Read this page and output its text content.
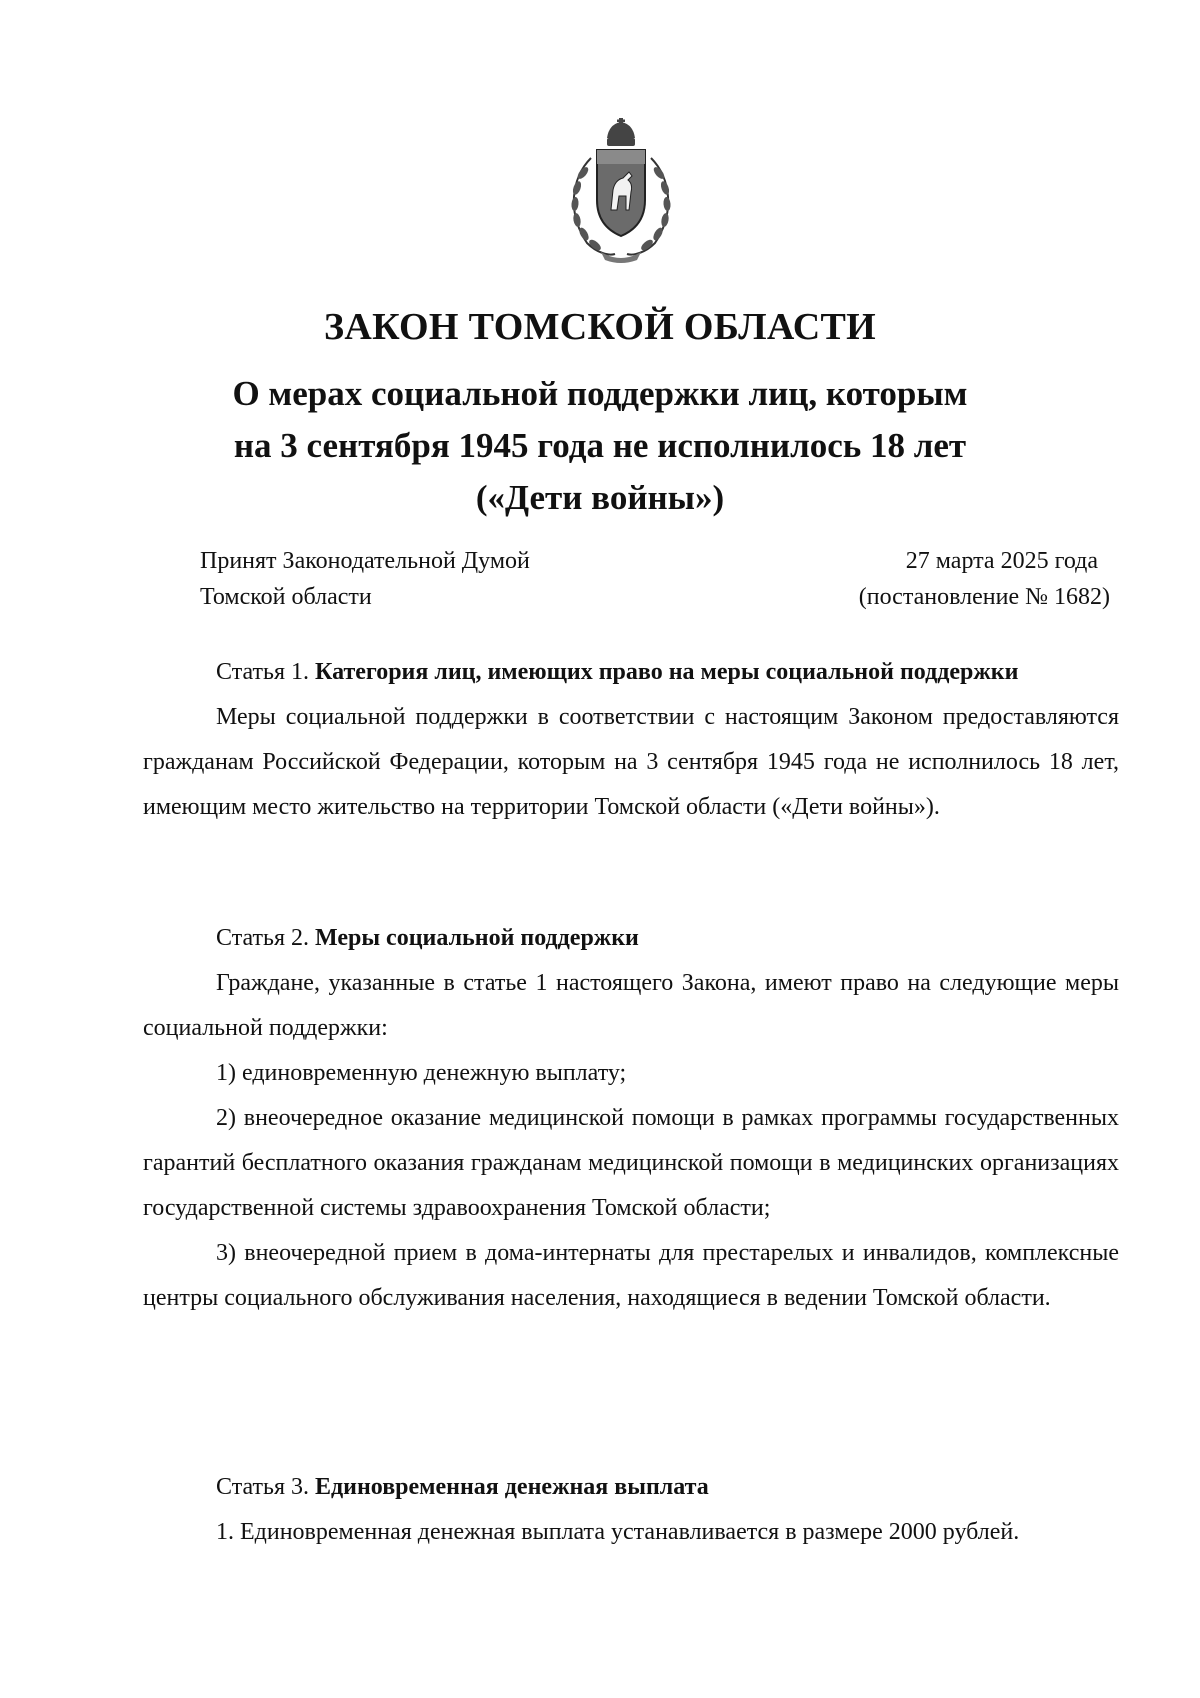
ЗАКОН ТОМСКОЙ ОБЛАСТИ
О мерах социальной поддержки лиц, которым
на 3 сентября 1945 года не исполнилось 18 лет
(«Дети войны»)
Принят Законодательной Думой
Томской области
27 марта 2025 года
(постановление № 1682)

Статья 1. Категория лиц, имеющих право на меры социальной поддержки

Меры социальной поддержки в соответствии с настоящим Законом предоставляются гражданам Российской Федерации, которым на 3 сентября 1945 года не исполнилось 18 лет, имеющим место жительство на территории Томской области («Дети войны»).

Статья 2. Меры социальной поддержки

Граждане, указанные в статье 1 настоящего Закона, имеют право на следующие меры социальной поддержки:

1) единовременную денежную выплату;

2) внеочередное оказание медицинской помощи в рамках программы государственных гарантий бесплатного оказания гражданам медицинской помощи в медицинских организациях государственной системы здравоохранения Томской области;

3) внеочередной прием в дома-интернаты для престарелых и инвалидов, комплексные центры социального обслуживания населения, находящиеся в ведении Томской области.

Статья 3. Единовременная денежная выплата

1. Единовременная денежная выплата устанавливается в размере 2000 рублей.
